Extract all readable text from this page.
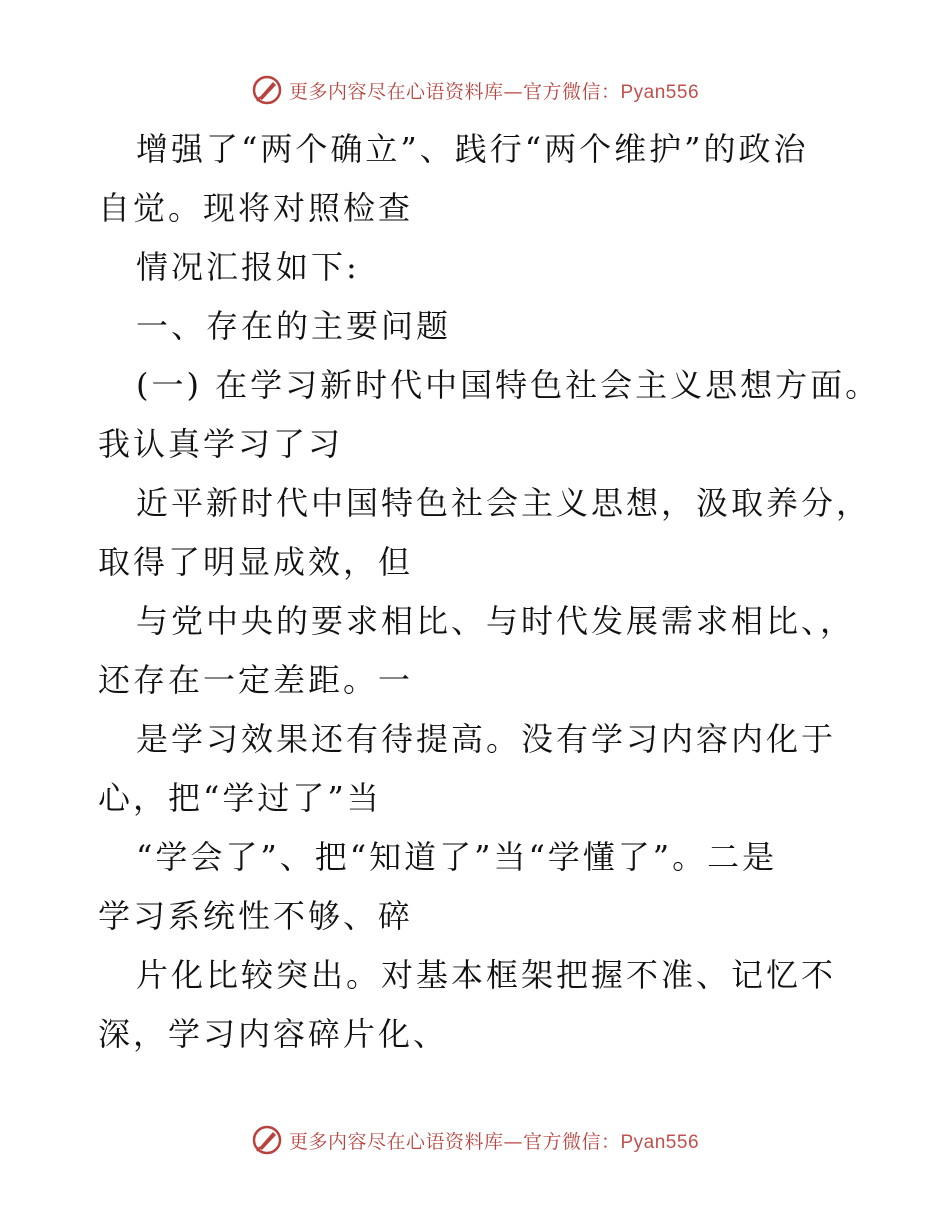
更多内容尽在心语资料库—官方微信：Pyan556
增强了“两个确立”、践行“两个维护”的政治
自觉。现将对照检查
情况汇报如下:
一、存在的主要问题
(一) 在学习新时代中国特色社会主义思想方面。
我认真学习了习
近平新时代中国特色社会主义思想，汲取养分，
取得了明显成效，但
与党中央的要求相比、与时代发展需求相比、，
还存在一定差距。一
是学习效果还有待提高。没有学习内容内化于
心，把“学过了”当
“学会了”、把“知道了”当“学懂了”。二是
学习系统性不够、碎
片化比较突出。对基本框架把握不准、记忆不
深，学习内容碎片化、
更多内容尽在心语资料库—官方微信：Pyan556
